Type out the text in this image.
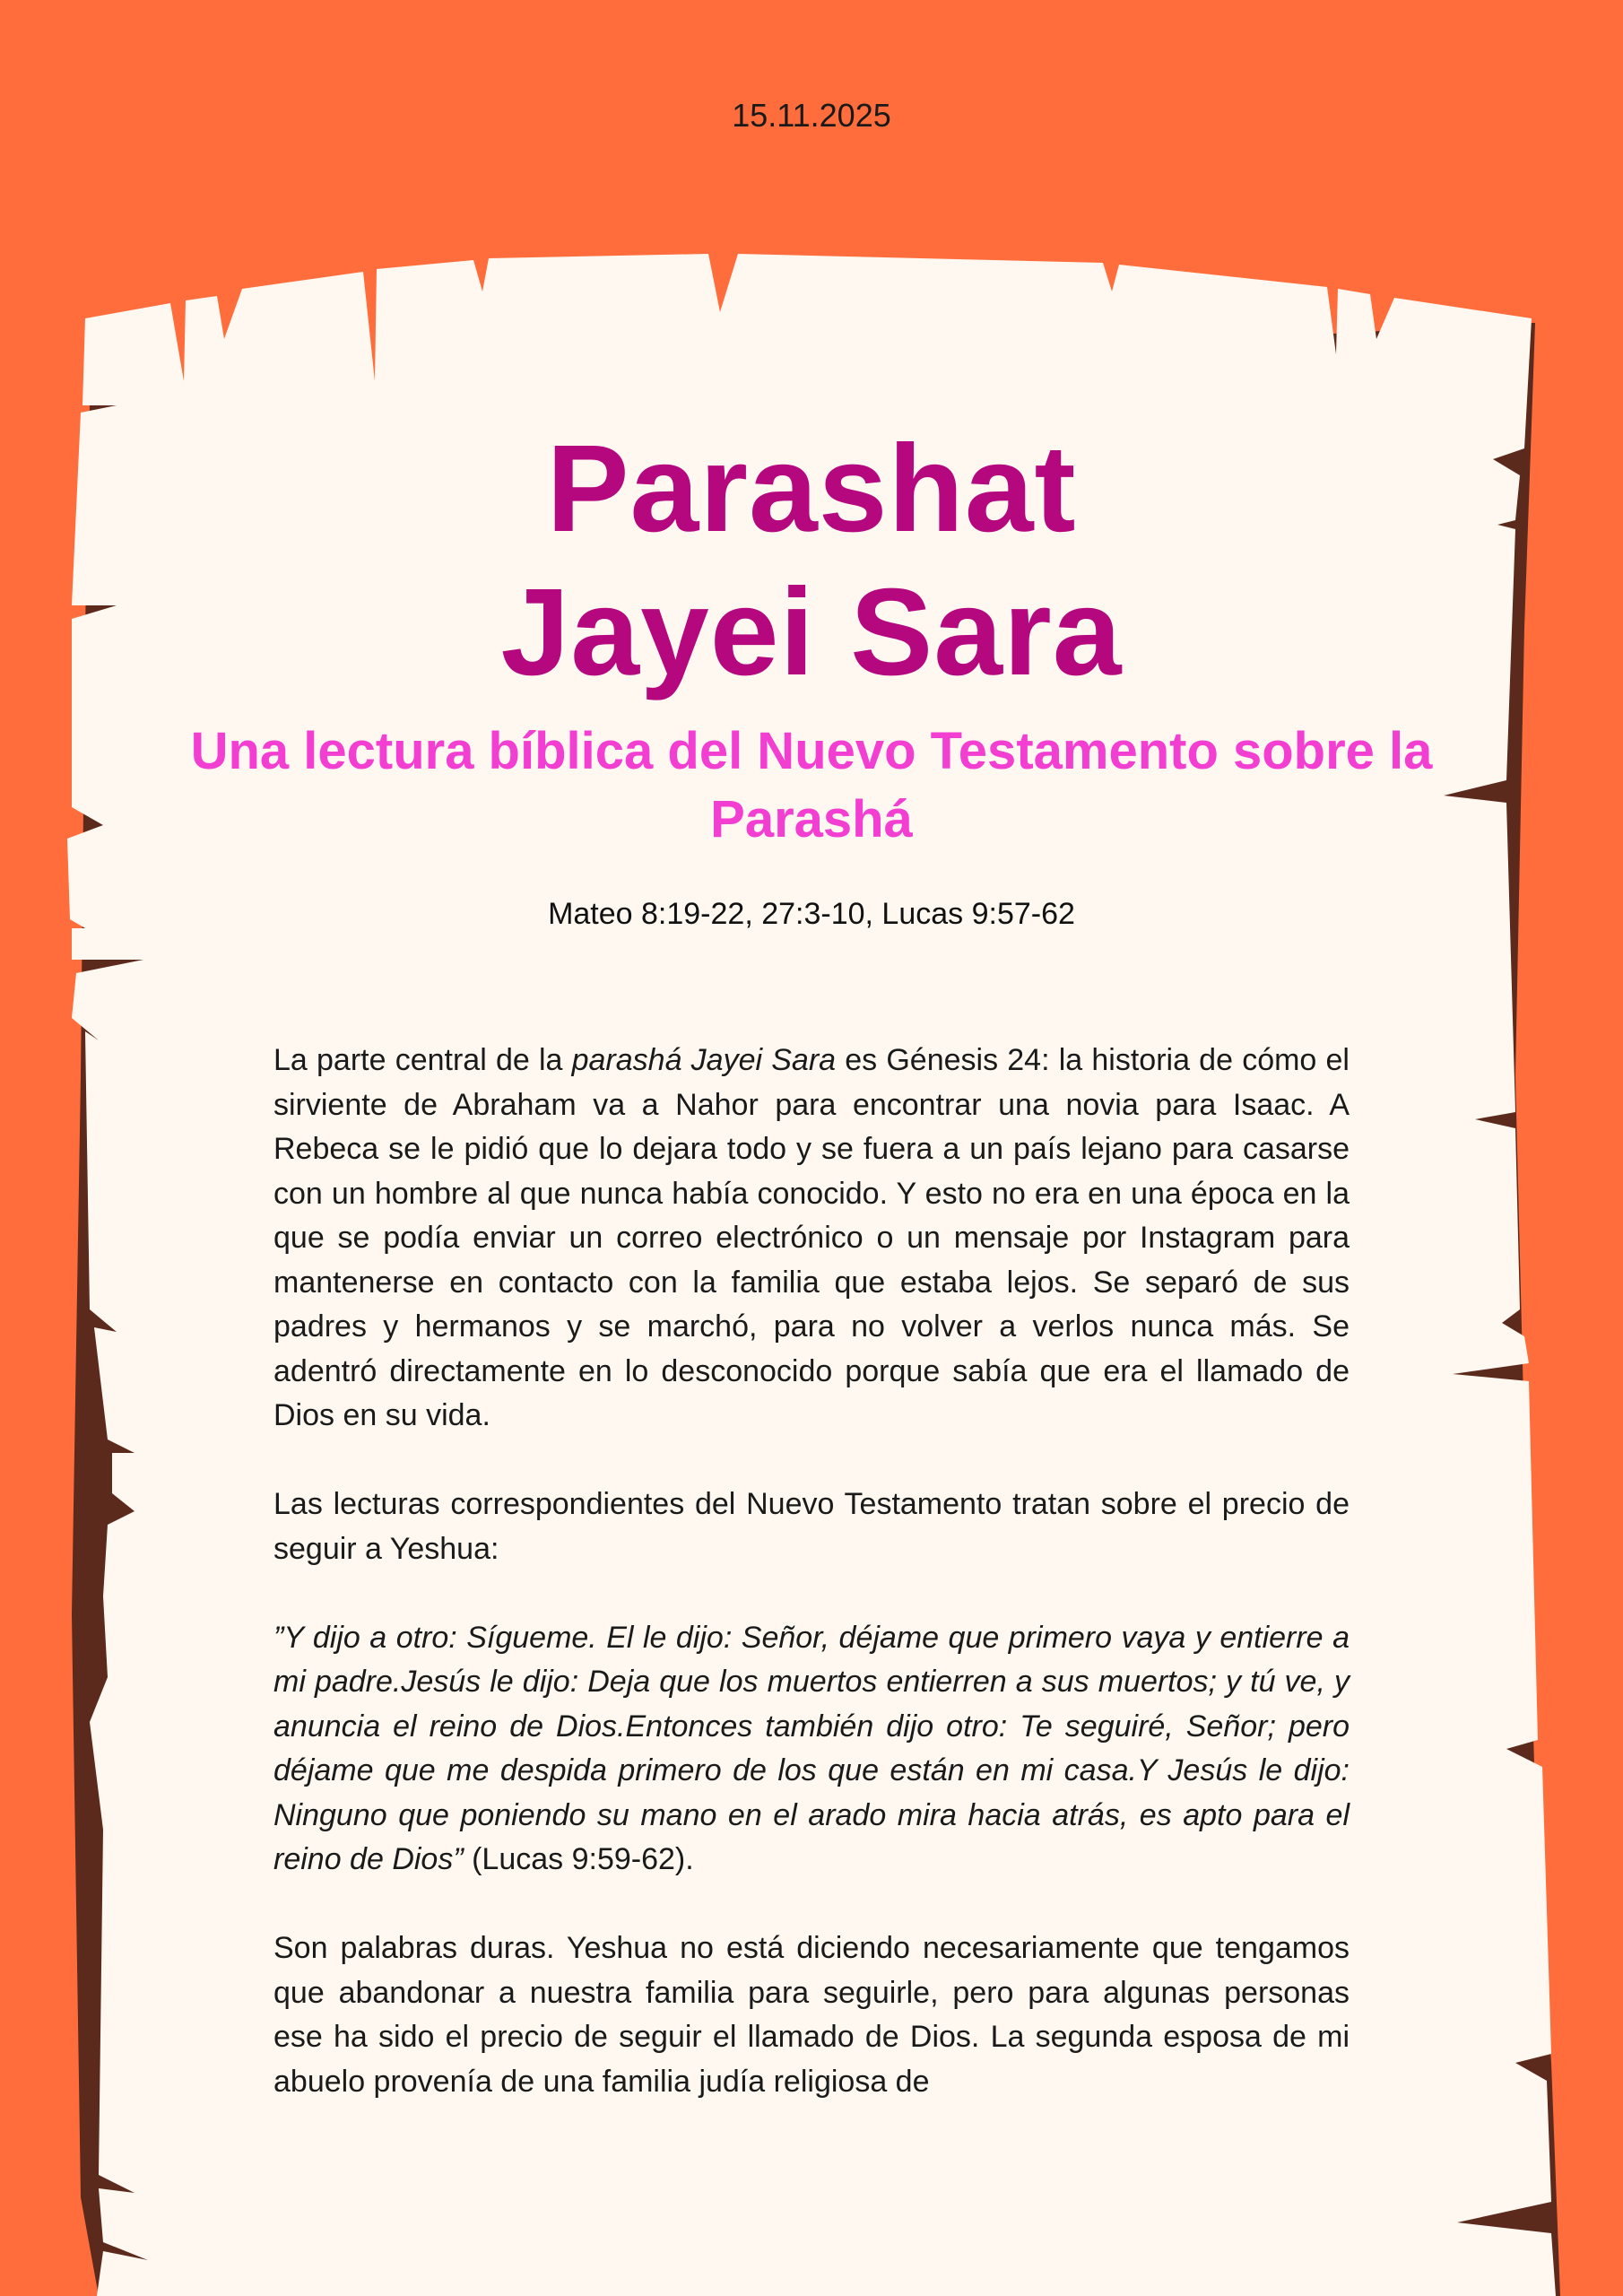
15.11.2025
Parashat
Jayei Sara
Una lectura bíblica del Nuevo Testamento sobre la Parashá
Mateo 8:19-22, 27:3-10, Lucas 9:57-62

La parte central de la parashá Jayei Sara es Génesis 24: la historia de cómo el sirviente de Abraham va a Nahor para encontrar una novia para Isaac. A Rebeca se le pidió que lo dejara todo y se fuera a un país lejano para casarse con un hombre al que nunca había conocido. Y esto no era en una época en la que se podía enviar un correo electrónico o un mensaje por Instagram para mantenerse en contacto con la familia que estaba lejos. Se separó de sus padres y hermanos y se marchó, para no volver a verlos nunca más. Se adentró directamente en lo desconocido porque sabía que era el llamado de Dios en su vida.

Las lecturas correspondientes del Nuevo Testamento tratan sobre el precio de seguir a Yeshua:

”Y dijo a otro: Sígueme. El le dijo: Señor, déjame que primero vaya y entierre a mi padre.Jesús le dijo: Deja que los muertos entierren a sus muertos; y tú ve, y anuncia el reino de Dios.Entonces también dijo otro: Te seguiré, Señor; pero déjame que me despida primero de los que están en mi casa.Y Jesús le dijo: Ninguno que poniendo su mano en el arado mira hacia atrás, es apto para el reino de Dios” (Lucas 9:59-62).

Son palabras duras. Yeshua no está diciendo necesariamente que tengamos que abandonar a nuestra familia para seguirle, pero para algunas personas ese ha sido el precio de seguir el llamado de Dios. La segunda esposa de mi abuelo provenía de una familia judía religiosa de
